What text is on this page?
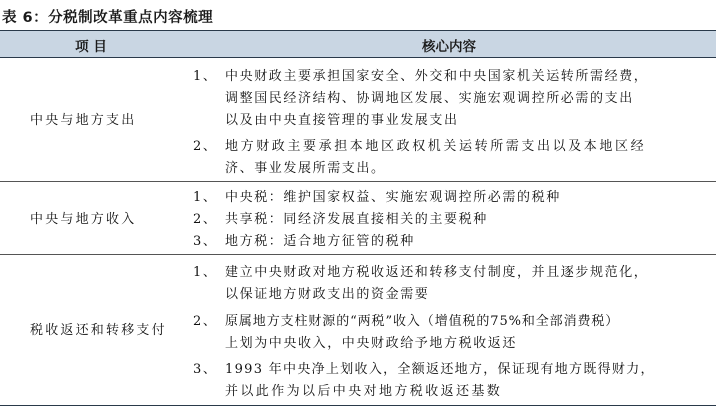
表 6：分税制改革重点内容梳理
项 目	核心内容
中央与地方支出
1、 中央财政主要承担国家安全、外交和中央国家机关运转所需经费，
调整国民经济结构、协调地区发展、实施宏观调控所必需的支出
以及由中央直接管理的事业发展支出
2、 地方财政主要承担本地区政权机关运转所需支出以及本地区经
济、事业发展所需支出。
中央与地方收入
1、 中央税：维护国家权益、实施宏观调控所必需的税种
2、 共享税：同经济发展直接相关的主要税种
3、 地方税：适合地方征管的税种
税收返还和转移支付
1、 建立中央财政对地方税收返还和转移支付制度，并且逐步规范化，
以保证地方财政支出的资金需要
2、 原属地方支柱财源的“两税”收入（增值税的75%和全部消费税）
上划为中央收入，中央财政给予地方税收返还
3、 1993 年中央净上划收入，全额返还地方，保证现有地方既得财力，
并以此作为以后中央对地方税收返还基数
